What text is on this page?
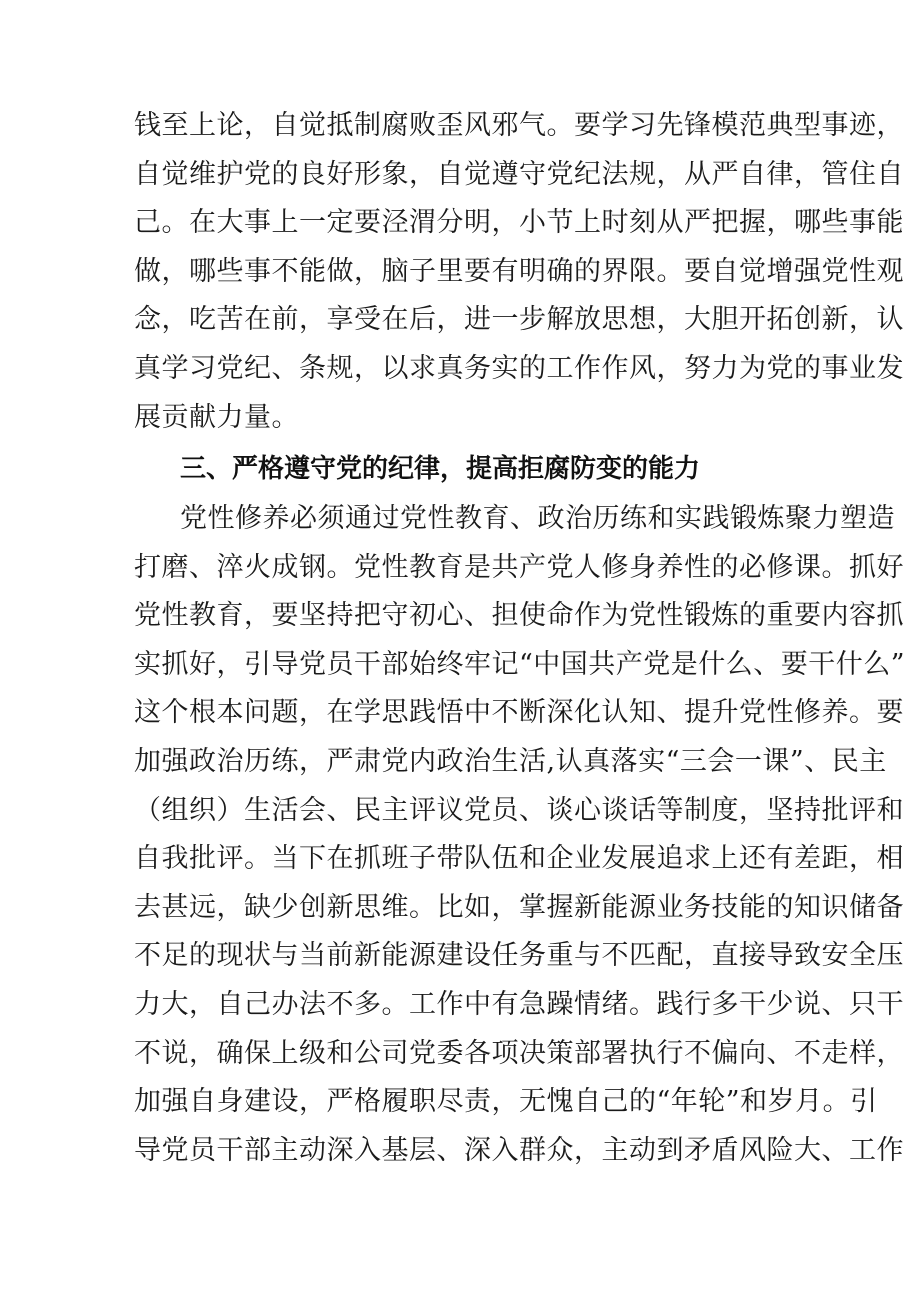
钱至上论，自觉抵制腐败歪风邪气。要学习先锋模范典型事迹，
自觉维护党的良好形象，自觉遵守党纪法规，从严自律，管住自
己。在大事上一定要泾渭分明，小节上时刻从严把握，哪些事能
做，哪些事不能做，脑子里要有明确的界限。要自觉增强党性观
念，吃苦在前，享受在后，进一步解放思想，大胆开拓创新，认
真学习党纪、条规，以求真务实的工作作风，努力为党的事业发
展贡献力量。
三、严格遵守党的纪律，提高拒腐防变的能力
党性修养必须通过党性教育、政治历练和实践锻炼聚力塑造
打磨、淬火成钢。党性教育是共产党人修身养性的必修课。抓好
党性教育，要坚持把守初心、担使命作为党性锻炼的重要内容抓
实抓好，引导党员干部始终牢记“中国共产党是什么、要干什么”
这个根本问题，在学思践悟中不断深化认知、提升党性修养。要
加强政治历练，严肃党内政治生活,认真落实“三会一课”、民主
（组织）生活会、民主评议党员、谈心谈话等制度，坚持批评和
自我批评。当下在抓班子带队伍和企业发展追求上还有差距，相
去甚远，缺少创新思维。比如，掌握新能源业务技能的知识储备
不足的现状与当前新能源建设任务重与不匹配，直接导致安全压
力大，自己办法不多。工作中有急躁情绪。践行多干少说、只干
不说，确保上级和公司党委各项决策部署执行不偏向、不走样，
加强自身建设，严格履职尽责，无愧自己的“年轮”和岁月。引
导党员干部主动深入基层、深入群众，主动到矛盾风险大、工作
